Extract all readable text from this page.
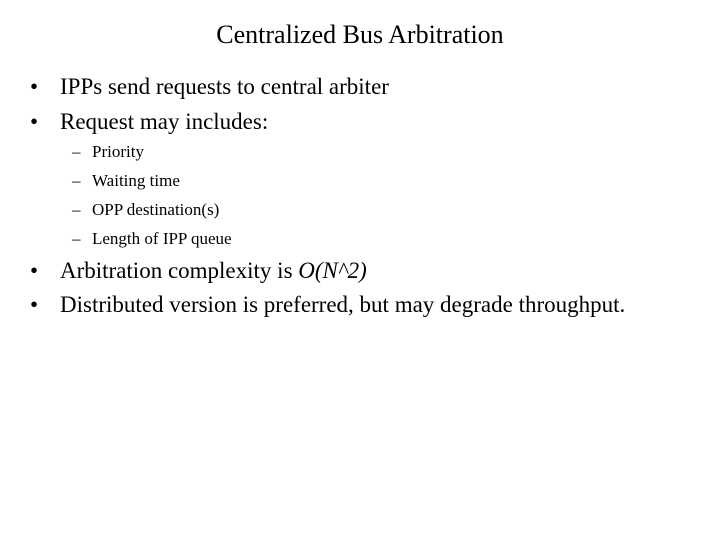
Centralized Bus Arbitration
• IPPs send requests to central arbiter
• Request may includes:
– Priority
– Waiting time
– OPP destination(s)
– Length of IPP queue
• Arbitration complexity is O(N^2)
• Distributed version is preferred, but may degrade throughput.
